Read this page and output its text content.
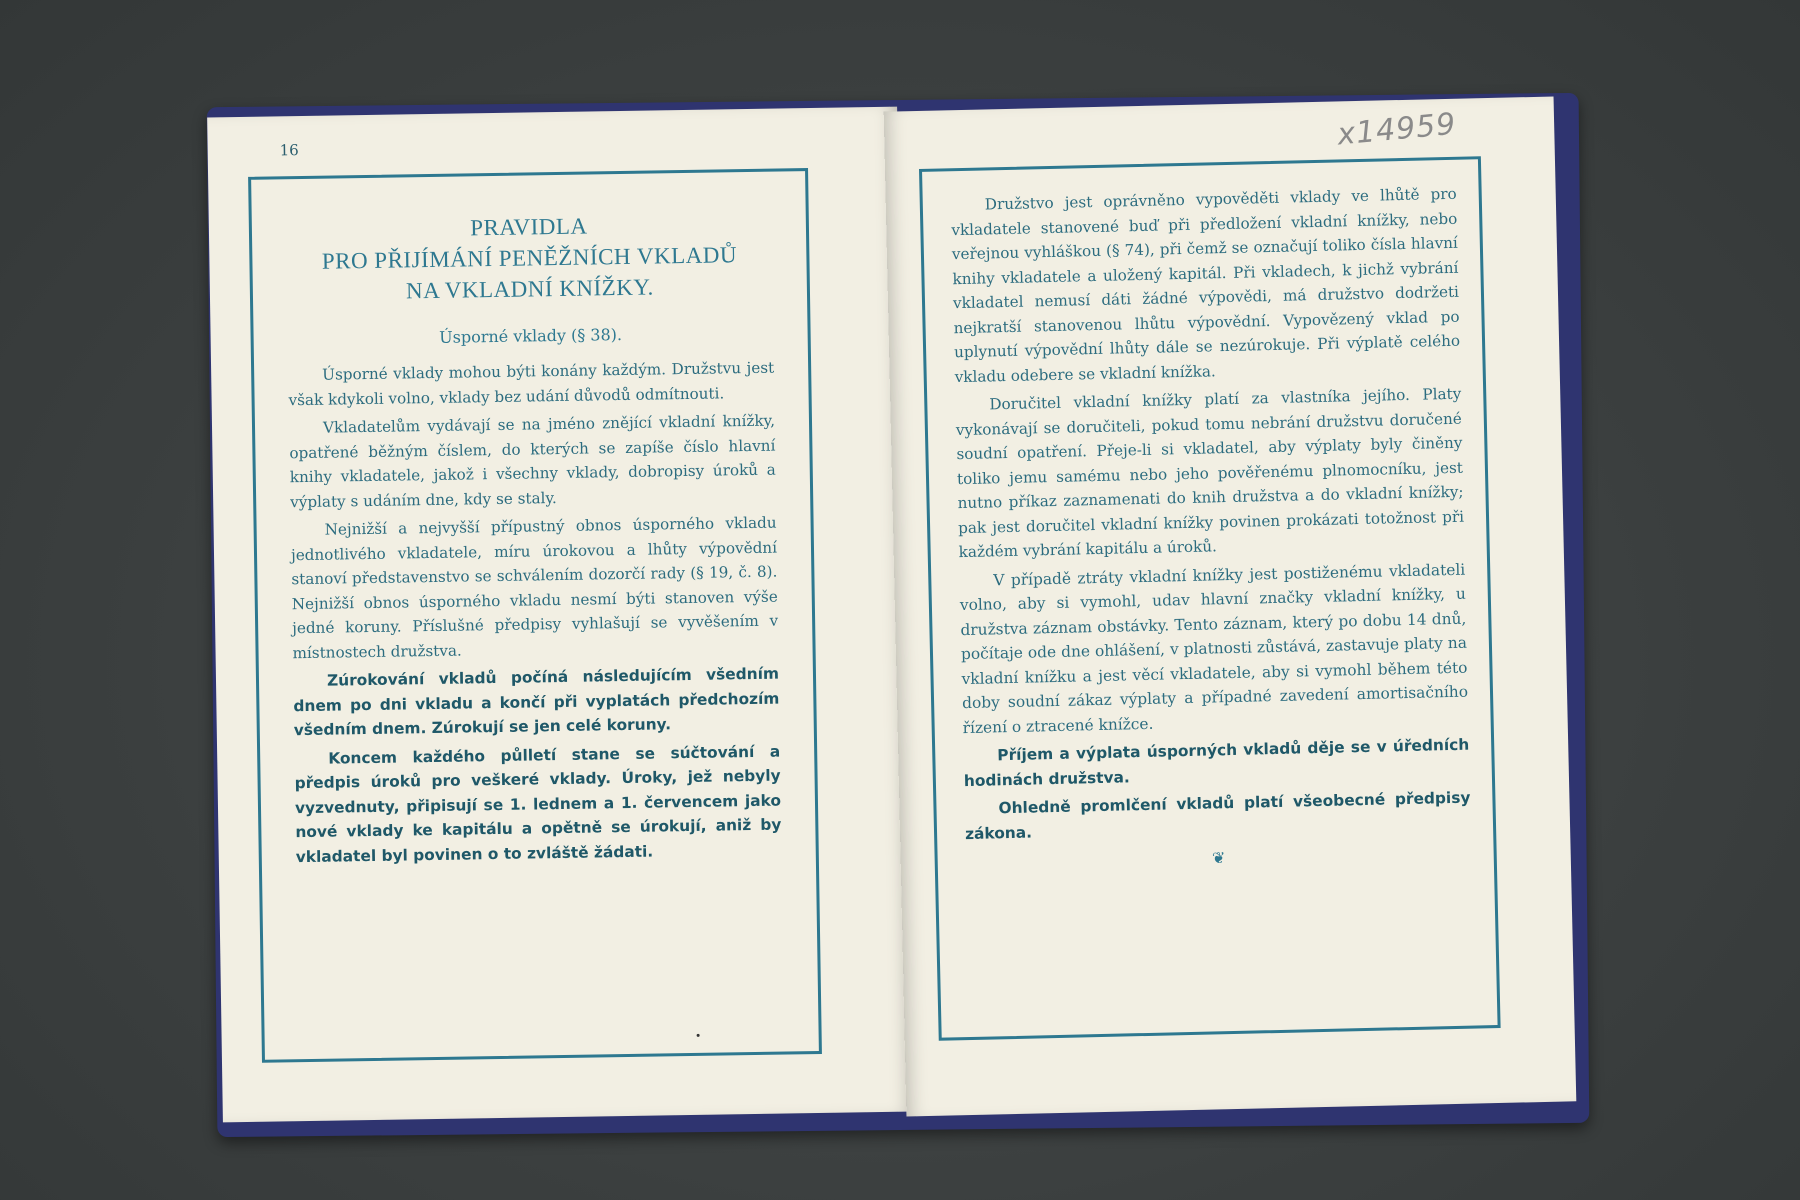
16
PRAVIDLA
PRO PŘIJÍMÁNÍ PENĚŽNÍCH VKLADŮ
NA VKLADNÍ KNÍŽKY.
Úsporné vklady (§ 38).

Úsporné vklady mohou býti konány každým. Družstvu jest však kdykoli volno, vklady bez udání důvodů odmítnouti.

Vkladatelům vydávají se na jméno znějící vkladní knížky, opatřené běžným číslem, do kterých se zapíše číslo hlavní knihy vkladatele, jakož i všechny vklady, dobropisy úroků a výplaty s udáním dne, kdy se staly.

Nejnižší a nejvyšší přípustný obnos úsporného vkladu jednotlivého vkladatele, míru úrokovou a lhůty výpovědní stanoví představenstvo se schválením dozorčí rady (§ 19, č. 8). Nejnižší obnos úsporného vkladu nesmí býti stanoven výše jedné koruny. Příslušné předpisy vyhlašují se vyvěšením v místnostech družstva.

Zúrokování vkladů počíná následujícím všedním dnem po dni vkladu a končí při vyplatách předchozím všedním dnem. Zúrokují se jen celé koruny.

Koncem každého půlletí stane se súčtování a předpis úroků pro veškeré vklady. Úroky, jež nebyly vyzvednuty, připisují se 1. lednem a 1. červencem jako nové vklady ke kapitálu a opětně se úrokují, aniž by vkladatel byl povinen o to zvláště žádati.

x14959

Družstvo jest oprávněno vypověděti vklady ve lhůtě pro vkladatele stanovené buď při předložení vkladní knížky, nebo veřejnou vyhláškou (§ 74), při čemž se označují toliko čísla hlavní knihy vkladatele a uložený kapitál. Při vkladech, k jichž vybrání vkladatel nemusí dáti žádné výpovědi, má družstvo dodržeti nejkratší stanovenou lhůtu výpovědní. Vypovězený vklad po uplynutí výpovědní lhůty dále se nezúrokuje. Při výplatě celého vkladu odebere se vkladní knížka.

Doručitel vkladní knížky platí za vlastníka jejího. Platy vykonávají se doručiteli, pokud tomu nebrání družstvu doručené soudní opatření. Přeje-li si vkladatel, aby výplaty byly činěny toliko jemu samému nebo jeho pověřenému plnomocníku, jest nutno příkaz zaznamenati do knih družstva a do vkladní knížky; pak jest doručitel vkladní knížky povinen prokázati totožnost při každém vybrání kapitálu a úroků.

V případě ztráty vkladní knížky jest postiženému vkladateli volno, aby si vymohl, udav hlavní značky vkladní knížky, u družstva záznam obstávky. Tento záznam, který po dobu 14 dnů, počítaje ode dne ohlášení, v platnosti zůstává, zastavuje platy na vkladní knížku a jest věcí vkladatele, aby si vymohl během této doby soudní zákaz výplaty a případné zavedení amortisačního řízení o ztracené knížce.

Příjem a výplata úsporných vkladů děje se v úředních hodinách družstva.

Ohledně promlčení vkladů platí všeobecné předpisy zákona.

❦
